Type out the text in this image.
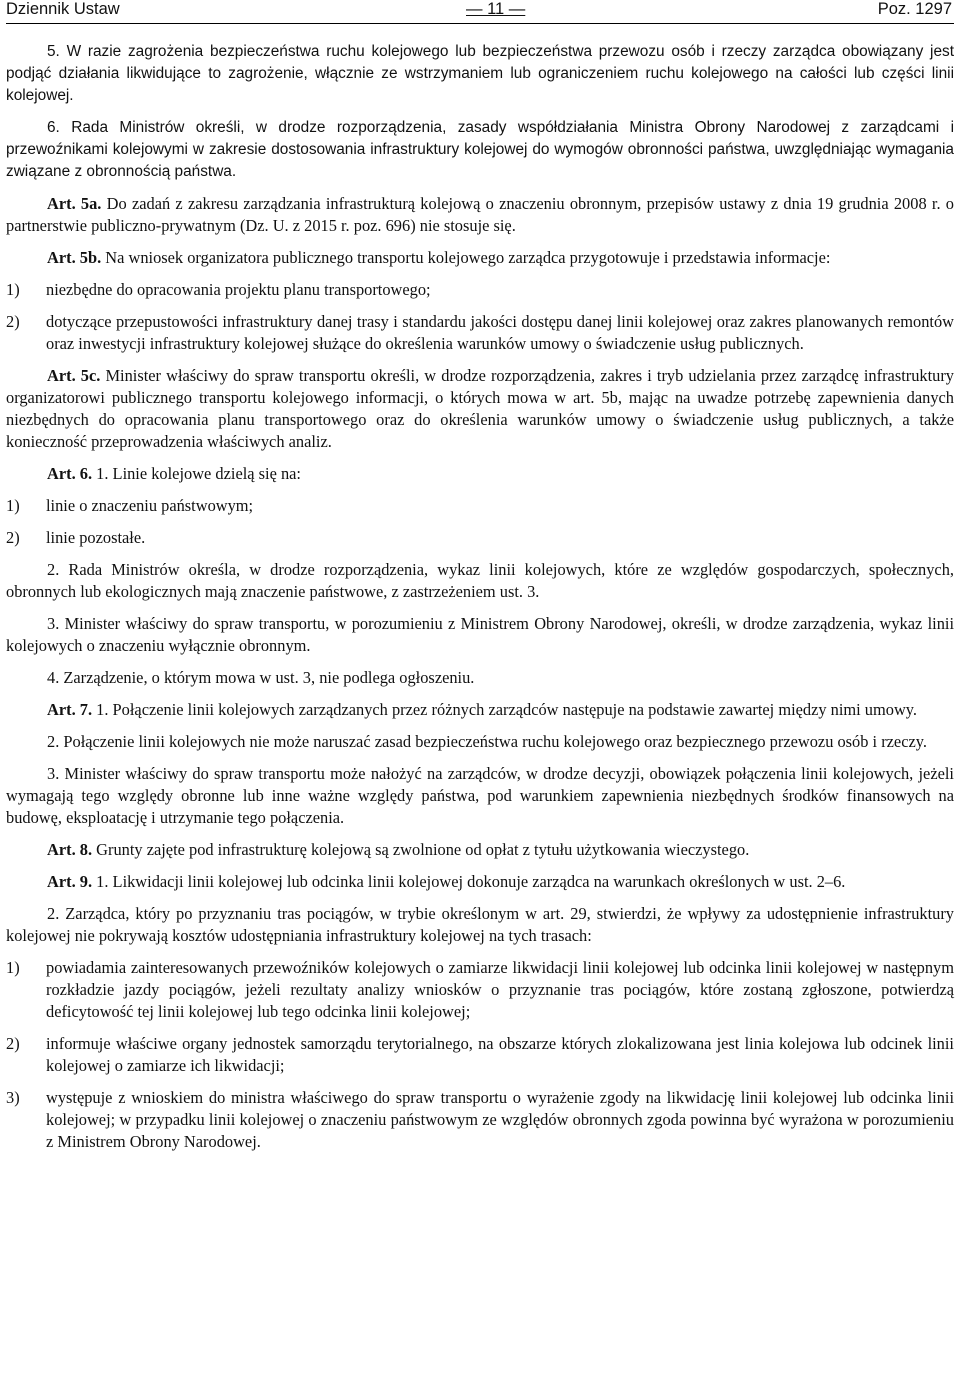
Dziennik Ustaw	— 11 —	Poz. 1297

5. W razie zagrożenia bezpieczeństwa ruchu kolejowego lub bezpieczeństwa przewozu osób i rzeczy zarządca obowiązany jest podjąć działania likwidujące to zagrożenie, włącznie ze wstrzymaniem lub ograniczeniem ruchu kolejowego na całości lub części linii kolejowej.

6. Rada Ministrów określi, w drodze rozporządzenia, zasady współdziałania Ministra Obrony Narodowej z zarządcami i przewoźnikami kolejowymi w zakresie dostosowania infrastruktury kolejowej do wymogów obronności państwa, uwzględniając wymagania związane z obronnością państwa.

Art. 5a. Do zadań z zakresu zarządzania infrastrukturą kolejową o znaczeniu obronnym, przepisów ustawy z dnia 19 grudnia 2008 r. o partnerstwie publiczno-prywatnym (Dz. U. z 2015 r. poz. 696) nie stosuje się.

Art. 5b. Na wniosek organizatora publicznego transportu kolejowego zarządca przygotowuje i przedstawia informacje:

1)	niezbędne do opracowania projektu planu transportowego;
2)	dotyczące przepustowości infrastruktury danej trasy i standardu jakości dostępu danej linii kolejowej oraz zakres planowanych remontów oraz inwestycji infrastruktury kolejowej służące do określenia warunków umowy o świadczenie usług publicznych.

Art. 5c. Minister właściwy do spraw transportu określi, w drodze rozporządzenia, zakres i tryb udzielania przez zarządcę infrastruktury organizatorowi publicznego transportu kolejowego informacji, o których mowa w art. 5b, mając na uwadze potrzebę zapewnienia danych niezbędnych do opracowania planu transportowego oraz do określenia warunków umowy o świadczenie usług publicznych, a także konieczność przeprowadzenia właściwych analiz.

Art. 6. 1. Linie kolejowe dzielą się na:

1)	linie o znaczeniu państwowym;
2)	linie pozostałe.

2. Rada Ministrów określa, w drodze rozporządzenia, wykaz linii kolejowych, które ze względów gospodarczych, społecznych, obronnych lub ekologicznych mają znaczenie państwowe, z zastrzeżeniem ust. 3.

3. Minister właściwy do spraw transportu, w porozumieniu z Ministrem Obrony Narodowej, określi, w drodze zarządzenia, wykaz linii kolejowych o znaczeniu wyłącznie obronnym.

4. Zarządzenie, o którym mowa w ust. 3, nie podlega ogłoszeniu.

Art. 7. 1. Połączenie linii kolejowych zarządzanych przez różnych zarządców następuje na podstawie zawartej między nimi umowy.

2. Połączenie linii kolejowych nie może naruszać zasad bezpieczeństwa ruchu kolejowego oraz bezpiecznego przewozu osób i rzeczy.

3. Minister właściwy do spraw transportu może nałożyć na zarządców, w drodze decyzji, obowiązek połączenia linii kolejowych, jeżeli wymagają tego względy obronne lub inne ważne względy państwa, pod warunkiem zapewnienia niezbędnych środków finansowych na budowę, eksploatację i utrzymanie tego połączenia.

Art. 8. Grunty zajęte pod infrastrukturę kolejową są zwolnione od opłat z tytułu użytkowania wieczystego.

Art. 9. 1. Likwidacji linii kolejowej lub odcinka linii kolejowej dokonuje zarządca na warunkach określonych w ust. 2–6.

2. Zarządca, który po przyznaniu tras pociągów, w trybie określonym w art. 29, stwierdzi, że wpływy za udostępnienie infrastruktury kolejowej nie pokrywają kosztów udostępniania infrastruktury kolejowej na tych trasach:

1)	powiadamia zainteresowanych przewoźników kolejowych o zamiarze likwidacji linii kolejowej lub odcinka linii kolejowej w następnym rozkładzie jazdy pociągów, jeżeli rezultaty analizy wniosków o przyznanie tras pociągów, które zostaną zgłoszone, potwierdzą deficytowość tej linii kolejowej lub tego odcinka linii kolejowej;
2)	informuje właściwe organy jednostek samorządu terytorialnego, na obszarze których zlokalizowana jest linia kolejowa lub odcinek linii kolejowej o zamiarze ich likwidacji;
3)	występuje z wnioskiem do ministra właściwego do spraw transportu o wyrażenie zgody na likwidację linii kolejowej lub odcinka linii kolejowej; w przypadku linii kolejowej o znaczeniu państwowym ze względów obronnych zgoda powinna być wyrażona w porozumieniu z Ministrem Obrony Narodowej.
